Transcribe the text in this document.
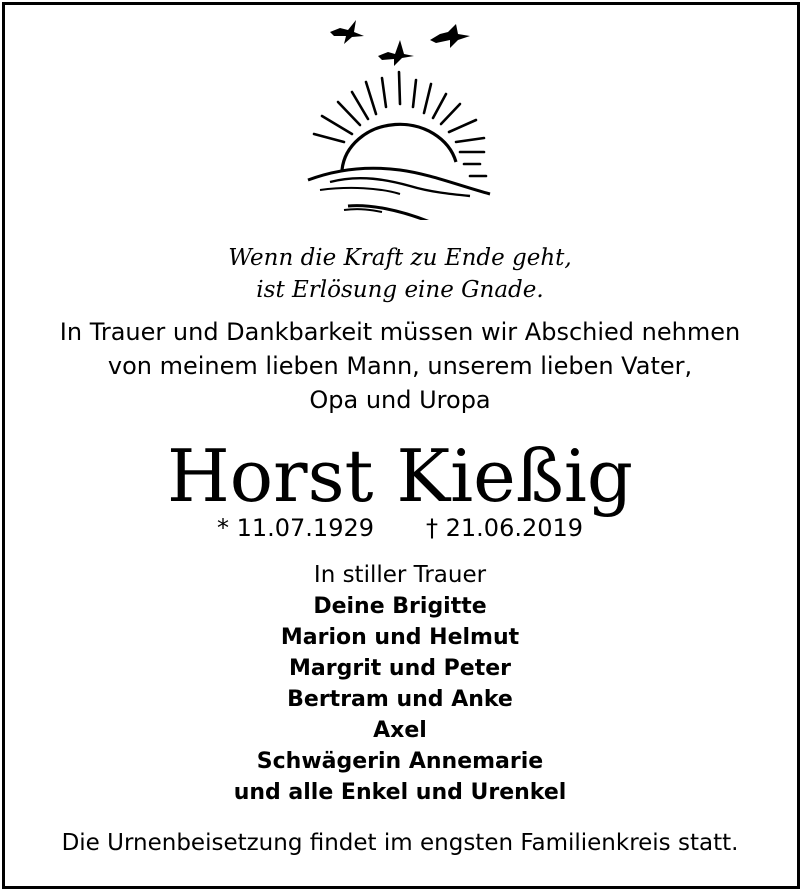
Wenn die Kraft zu Ende geht,
ist Erlösung eine Gnade.
In Trauer und Dankbarkeit müssen wir Abschied nehmen
von meinem lieben Mann, unserem lieben Vater,
Opa und Uropa
Horst Kießig
* 11.07.1929 † 21.06.2019
In stiller Trauer
Deine Brigitte
Marion und Helmut
Margrit und Peter
Bertram und Anke
Axel
Schwägerin Annemarie
und alle Enkel und Urenkel
Die Urnenbeisetzung findet im engsten Familienkreis statt.
